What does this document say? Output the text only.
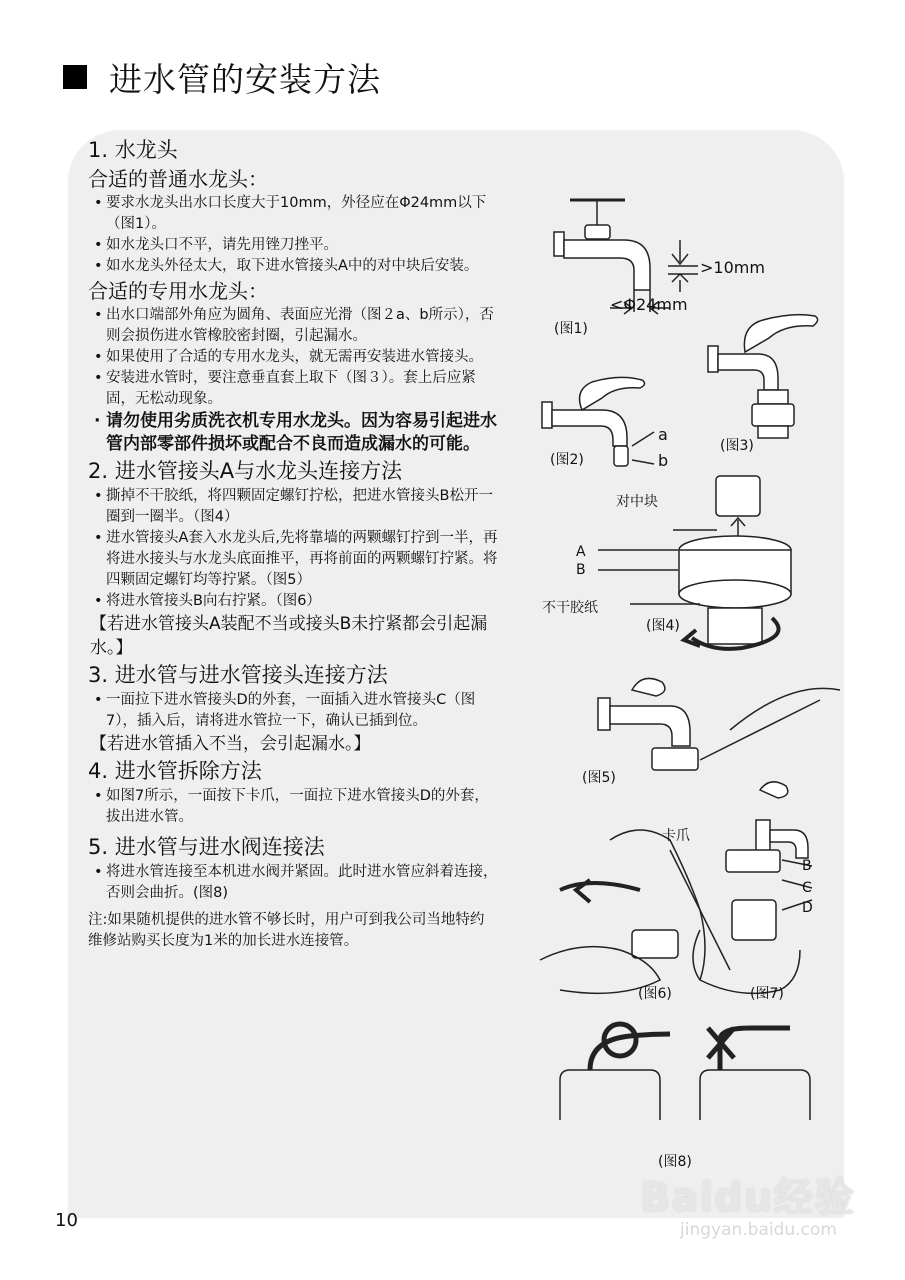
进水管的安装方法

1. 水龙头

合适的普通水龙头：

• 要求水龙头出水口长度大于10mm，外径应在Φ24mm以下（图1）。
• 如水龙头口不平，请先用锉刀挫平。
• 如水龙头外径太大，取下进水管接头A中的对中块后安装。

合适的专用水龙头：

• 出水口端部外角应为圆角、表面应光滑（图２a、b所示），否则会损伤进水管橡胶密封圈，引起漏水。
• 如果使用了合适的专用水龙头，就无需再安装进水管接头。
• 安装进水管时，要注意垂直套上取下（图３）。套上后应紧固，无松动现象。
· 请勿使用劣质洗衣机专用水龙头。因为容易引起进水管内部零部件损坏或配合不良而造成漏水的可能。

2. 进水管接头A与水龙头连接方法

• 撕掉不干胶纸，将四颗固定螺钉拧松，把进水管接头B松开一圈到一圈半。（图4）
• 进水管接头A套入水龙头后,先将靠墙的两颗螺钉拧到一半，再将进水接头与水龙头底面推平，再将前面的两颗螺钉拧紧。将四颗固定螺钉均等拧紧。（图5）
• 将进水管接头B向右拧紧。（图6）

【若进水管接头A装配不当或接头B未拧紧都会引起漏水。】

3. 进水管与进水管接头连接方法

• 一面拉下进水管接头D的外套，一面插入进水管接头C（图7），插入后，请将进水管拉一下，确认已插到位。

【若进水管插入不当，会引起漏水。】

4. 进水管拆除方法

• 如图7所示，一面按下卡爪，一面拉下进水管接头D的外套，拔出进水管。

5. 进水管与进水阀连接法

• 将进水管连接至本机进水阀并紧固。此时进水管应斜着连接，否则会曲折。(图8)

注:如果随机提供的进水管不够长时，用户可到我公司当地特约维修站购买长度为1米的加长进水连接管。

>10mm
<Φ24mm
(图1)
a
b
(图2)
(图3)
对中块
A
B
不干胶纸
(图4)
(图5)
(图6)
卡爪
B
C
D
(图7)
(图8)
10	Baidu经验
jingyan.baidu.com
